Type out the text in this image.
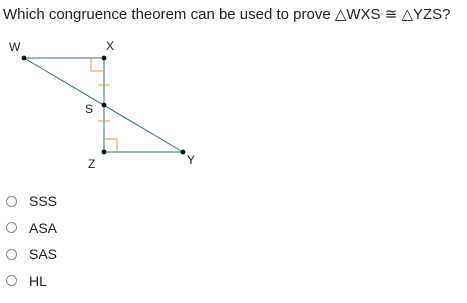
Which congruence theorem can be used to prove △WXS ≅ △YZS?
W	X
S
Z	Y
SSS
ASA
SAS
HL
